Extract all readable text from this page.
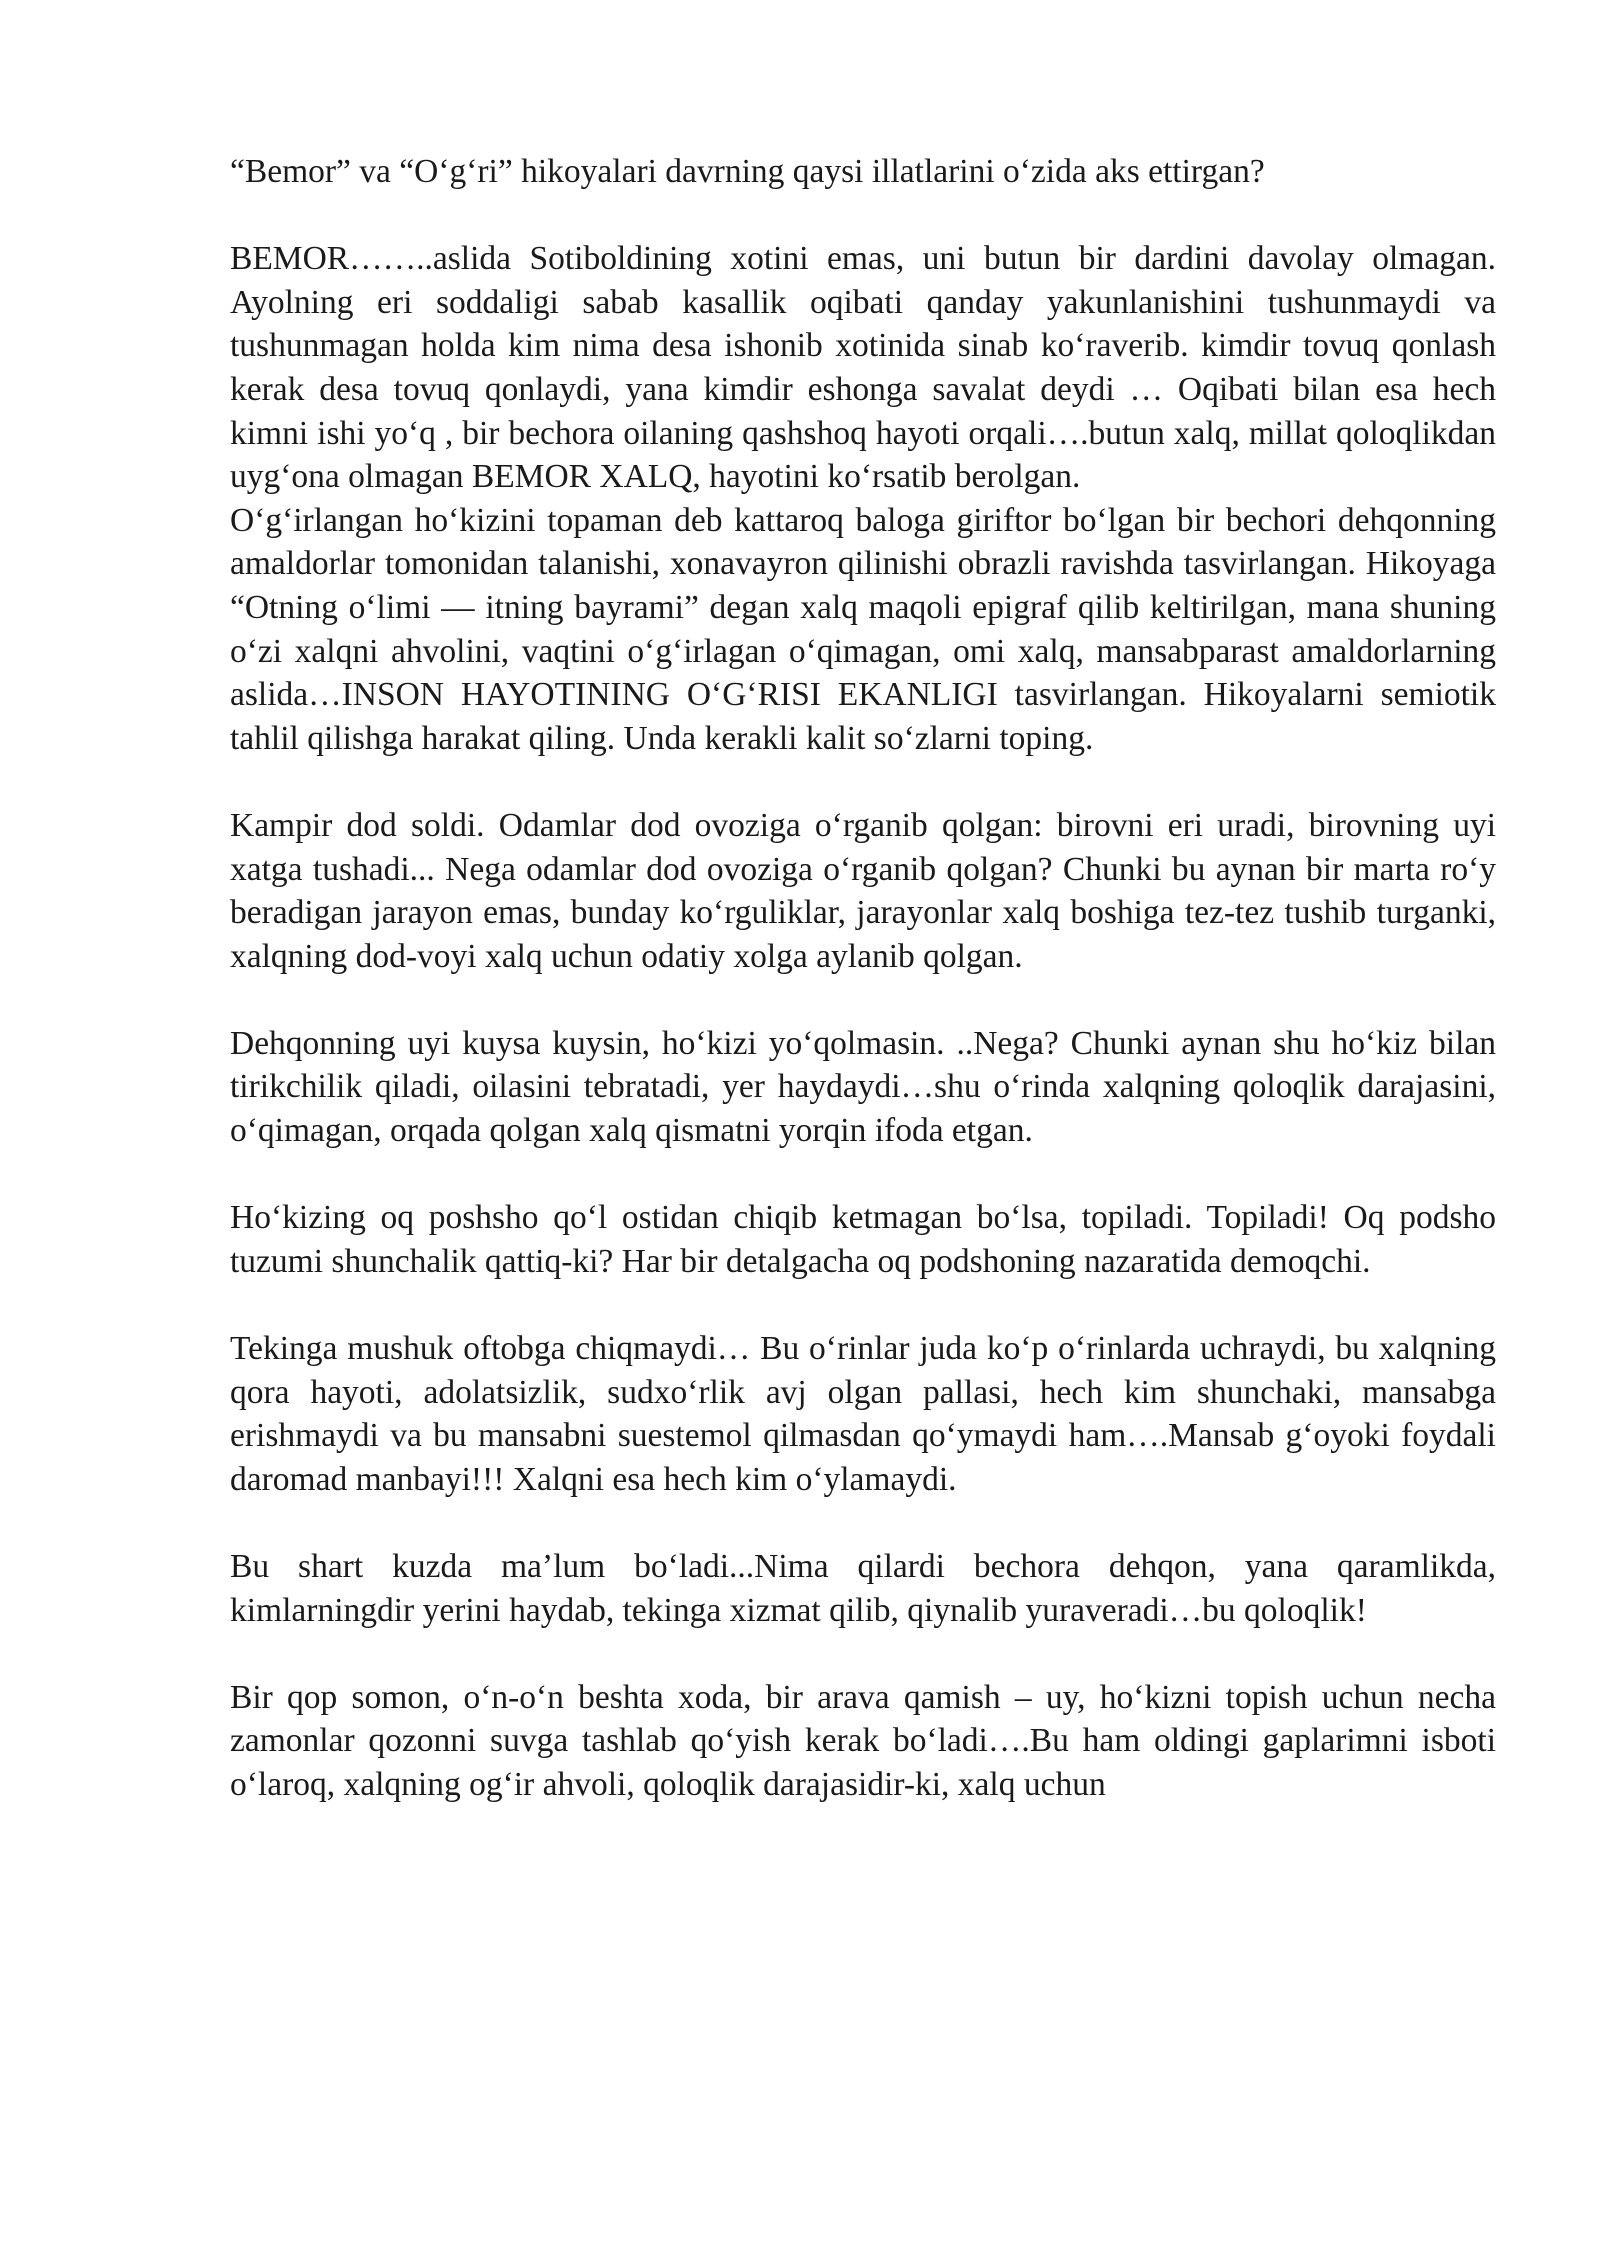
“Bemor” va “O‘g‘ri” hikoyalari davrning qaysi illatlarini o‘zida aks ettirgan?

BEMOR……..aslida Sotiboldining xotini emas, uni butun bir dardini davolay olmagan. Ayolning eri soddaligi sabab kasallik oqibati qanday yakunlanishini tushunmaydi va tushunmagan holda kim nima desa ishonib xotinida sinab ko‘raverib. kimdir tovuq qonlash kerak desa tovuq qonlaydi, yana kimdir eshonga savalat deydi … Oqibati bilan esa hech kimni ishi yo‘q , bir bechora oilaning qashshoq hayoti orqali….butun xalq, millat qoloqlikdan uyg‘ona olmagan BEMOR XALQ, hayotini ko‘rsatib berolgan.

O‘g‘irlangan ho‘kizini topaman deb kattaroq baloga giriftor bo‘lgan bir bechori dehqonning amaldorlar tomonidan talanishi, xonavayron qilinishi obrazli ravishda tasvirlangan. Hikoyaga “Otning o‘limi — itning bayrami” degan xalq maqoli epigraf qilib keltirilgan, mana shuning o‘zi xalqni ahvolini, vaqtini o‘g‘irlagan o‘qimagan, omi xalq, mansabparast amaldorlarning aslida…INSON HAYOTINING O‘G‘RISI EKANLIGI tasvirlangan. Hikoyalarni semiotik tahlil qilishga harakat qiling. Unda kerakli kalit so‘zlarni toping.

Kampir dod soldi. Odamlar dod ovoziga o‘rganib qolgan: birovni eri uradi, birovning uyi xatga tushadi... Nega odamlar dod ovoziga o‘rganib qolgan? Chunki bu aynan bir marta ro‘y beradigan jarayon emas, bunday ko‘rguliklar, jarayonlar xalq boshiga tez-tez tushib turganki, xalqning dod-voyi xalq uchun odatiy xolga aylanib qolgan.

Dehqonning uyi kuysa kuysin, ho‘kizi yo‘qolmasin. ..Nega? Chunki aynan shu ho‘kiz bilan tirikchilik qiladi, oilasini tebratadi, yer haydaydi…shu o‘rinda xalqning qoloqlik darajasini, o‘qimagan, orqada qolgan xalq qismatni yorqin ifoda etgan.

Ho‘kizing oq poshsho qo‘l ostidan chiqib ketmagan bo‘lsa, topiladi. Topiladi! Oq podsho tuzumi shunchalik qattiq-ki? Har bir detalgacha oq podshoning nazaratida demoqchi.

Tekinga mushuk oftobga chiqmaydi… Bu o‘rinlar juda ko‘p o‘rinlarda uchraydi, bu xalqning qora hayoti, adolatsizlik, sudxo‘rlik avj olgan pallasi, hech kim shunchaki, mansabga erishmaydi va bu mansabni suestemol qilmasdan qo‘ymaydi ham….Mansab g‘oyoki foydali daromad manbayi!!! Xalqni esa hech kim o‘ylamaydi.

Bu shart kuzda ma’lum bo‘ladi...Nima qilardi bechora dehqon, yana qaramlikda, kimlarningdir yerini haydab, tekinga xizmat qilib, qiynalib yuraveradi…bu qoloqlik!

Bir qop somon, o‘n-o‘n beshta xoda, bir arava qamish – uy, ho‘kizni topish uchun necha zamonlar qozonni suvga tashlab qo‘yish kerak bo‘ladi….Bu ham oldingi gaplarimni isboti o‘laroq, xalqning og‘ir ahvoli, qoloqlik darajasidir-ki, xalq uchun
